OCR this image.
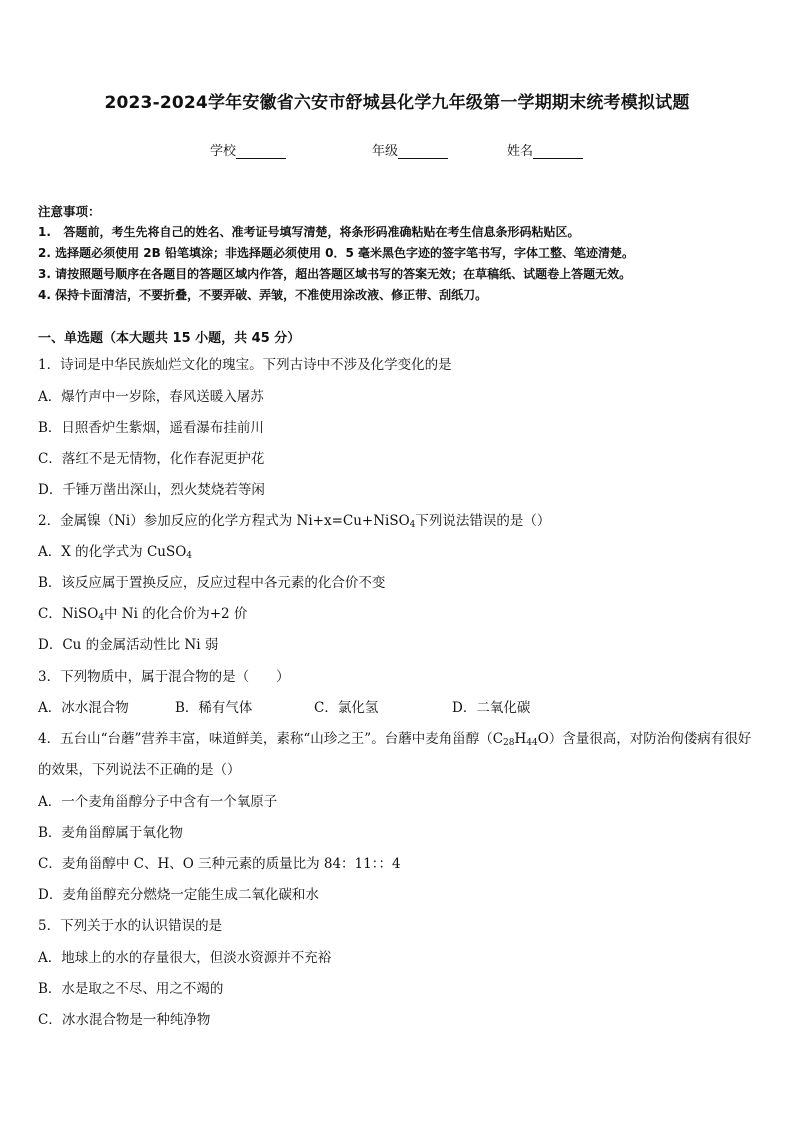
2023-2024学年安徽省六安市舒城县化学九年级第一学期期末统考模拟试题
学校	年级	姓名
注意事项：
1.   答题前，考生先将自己的姓名、准考证号填写清楚，将条形码准确粘贴在考生信息条形码粘贴区。
2. 选择题必须使用 2B 铅笔填涂；非选择题必须使用 0．5 毫米黑色字迹的签字笔书写，字体工整、笔迹清楚。
3. 请按照题号顺序在各题目的答题区域内作答，超出答题区域书写的答案无效；在草稿纸、试题卷上答题无效。
4. 保持卡面清洁，不要折叠，不要弄破、弄皱，不准使用涂改液、修正带、刮纸刀。
一、单选题（本大题共 15 小题，共 45 分）
1．诗词是中华民族灿烂文化的瑰宝。下列古诗中不涉及化学变化的是
A．爆竹声中一岁除，春风送暖入屠苏
B．日照香炉生紫烟，遥看瀑布挂前川
C．落红不是无情物，化作春泥更护花
D．千锤万凿出深山，烈火焚烧若等闲
2．金属镍（Ni）参加反应的化学方程式为 Ni+x=Cu+NiSO$_4$下列说法错误的是（）
A．X 的化学式为 CuSO$_4$
B．该反应属于置换反应，反应过程中各元素的化合价不变
C．NiSO$_4$中 Ni 的化合价为+2 价
D．Cu 的金属活动性比 Ni 弱
3．下列物质中，属于混合物的是（　　）
A．冰水混合物	B．稀有气体	C．氯化氢	D．二氧化碳
4．五台山“台蘑”营养丰富，味道鲜美，素称“山珍之王”。台蘑中麦角甾醇$(C_{28}H_{44}O)$含量很高，对防治佝偻病有很好
的效果，下列说法不正确的是（）
A．一个麦角甾醇分子中含有一个氧原子
B．麦角甾醇属于氧化物
C．麦角甾醇中 C、H、O 三种元素的质量比为 84：11：：4
D．麦角甾醇充分燃烧一定能生成二氧化碳和水
5．下列关于水的认识错误的是
A．地球上的水的存量很大，但淡水资源并不充裕
B．水是取之不尽、用之不竭的
C．冰水混合物是一种纯净物
